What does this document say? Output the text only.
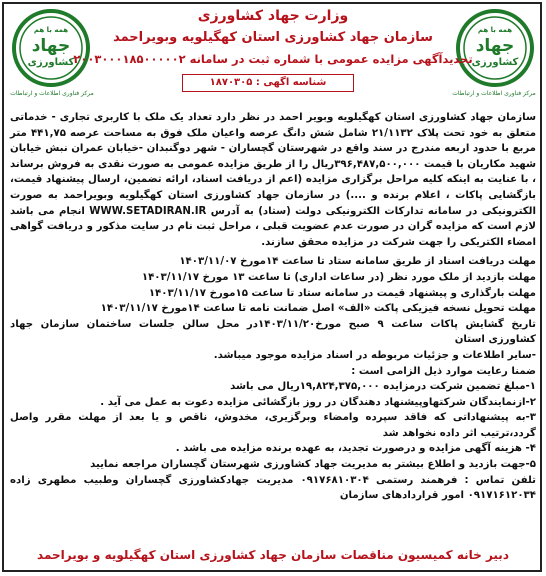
همه با هم
جهاد
کشاورزی
مرکز فناوری اطلاعات و ارتباطات
همه با هم
جهاد
کشاورزی
مرکز فناوری اطلاعات و ارتباطات
وزارت جهاد کشاورزی
سازمان جهاد کشاورزی استان کهگیلویه وبویراحمد
تجدیدآگهی مزایده عمومی با شماره ثبت در سامانه ۲۰۰۳۰۰۰۱۸۵۰۰۰۰۰۲
شناسه اگهی : ۱۸۷۰۳۰۵

سازمان جهاد کشاورزی استان کهگیلویه وبویر احمد در نظر دارد تعداد یک ملک با کاربری تجاری - خدماتی متعلق به خود تحت پلاک ۲۱/۱۱۳۲ شامل شش دانگ عرصه واعیان ملک فوق به مساحت عرصه ۴۴۱,۷۵ متر مربع با حدود اربعه مندرج در سند واقع در شهرستان گچساران - شهر دوگنبدان -خیابان عمران نبش خیابان شهید مکاریان با قیمت ۳۹۶,۴۸۷,۵۰۰,۰۰۰ریال را از طریق مزایده عمومی به صورت نقدی به فروش برساند ، با عنایت به اینکه کلیه مراحل برگزاری مزایده (اعم از دریافت اسناد، ارائه تضمین، ارسال پیشنهاد قیمت، بازگشایی پاکات ، اعلام برنده و ....) در سازمان جهاد کشاورزی استان کهگیلویه وبویراحمد به صورت الکترونیکی در سامانه تدارکات الکترونیکی دولت (ستاد) به آدرس WWW.SETADIRAN.IR انجام می باشد لازم است که مزایده گران در صورت عدم عضویت قبلی ، مراحل ثبت نام در سایت مذکور و دریافت گواهی امضاء الکتریکی را جهت شرکت در مزایده محقق سازند.

مهلت دریافت اسناد از طریق سامانه ستاد تا ساعت ۱۴مورخ ۱۴۰۳/۱۱/۰۷

مهلت بازدید از ملک مورد نظر (در ساعات اداری) تا ساعت ۱۳ مورخ ۱۴۰۳/۱۱/۱۷

مهلت بارگذاری و پیشنهاد قیمت در سامانه ستاد تا ساعت ۱۵مورخ ۱۴۰۳/۱۱/۱۷

مهلت تحویل نسخه فیزیکی پاکت «الف» اصل ضمانت نامه تا ساعت ۱۴مورخ ۱۴۰۳/۱۱/۱۷

تاریخ گشایش پاکات ساعت ۹ صبح مورخ۱۴۰۳/۱۱/۲۰در محل سالن جلسات ساختمان سازمان جهاد کشاورزی استان

-سایر اطلاعات و جزئیات مربوطه در اسناد مزایده موجود میباشد.

ضمنا رعایت موارد ذیل الزامی است :

۱-مبلغ تضمین شرکت درمزایده ۱۹,۸۲۴,۳۷۵,۰۰۰ریال می باشد

۲-ازنمایندگان شرکتهاوپیشنهاد دهندگان در روز بازگشائی مزایده دعوت به عمل می آید .

۳-به پیشنهاداتی که فاقد سپرده وامضاء وبرگزیری، مخدوش، ناقص و یا بعد از مهلت مقرر واصل گردد،ترتیب اثر داده نخواهد شد

۴- هزینه آگهی مزایده و درصورت تجدید، به عهده برنده مزایده می باشد .

۵-جهت بازدید و اطلاع بیشتر به مدیریت جهاد کشاورزی شهرستان گچساران مراجعه نمایید

تلفن تماس : فرهمند رستمی ۰۹۱۷۶۸۱۰۳۰۴ مدیریت جهادکشاورزی گچساران وطبیب مطهری زاده ۰۹۱۷۱۶۱۲۰۳۴ امور قراردادهای سازمان

دبیر خانه کمیسیون مناقصات سازمان جهاد کشاورزی استان کهگیلویه و بویراحمد
